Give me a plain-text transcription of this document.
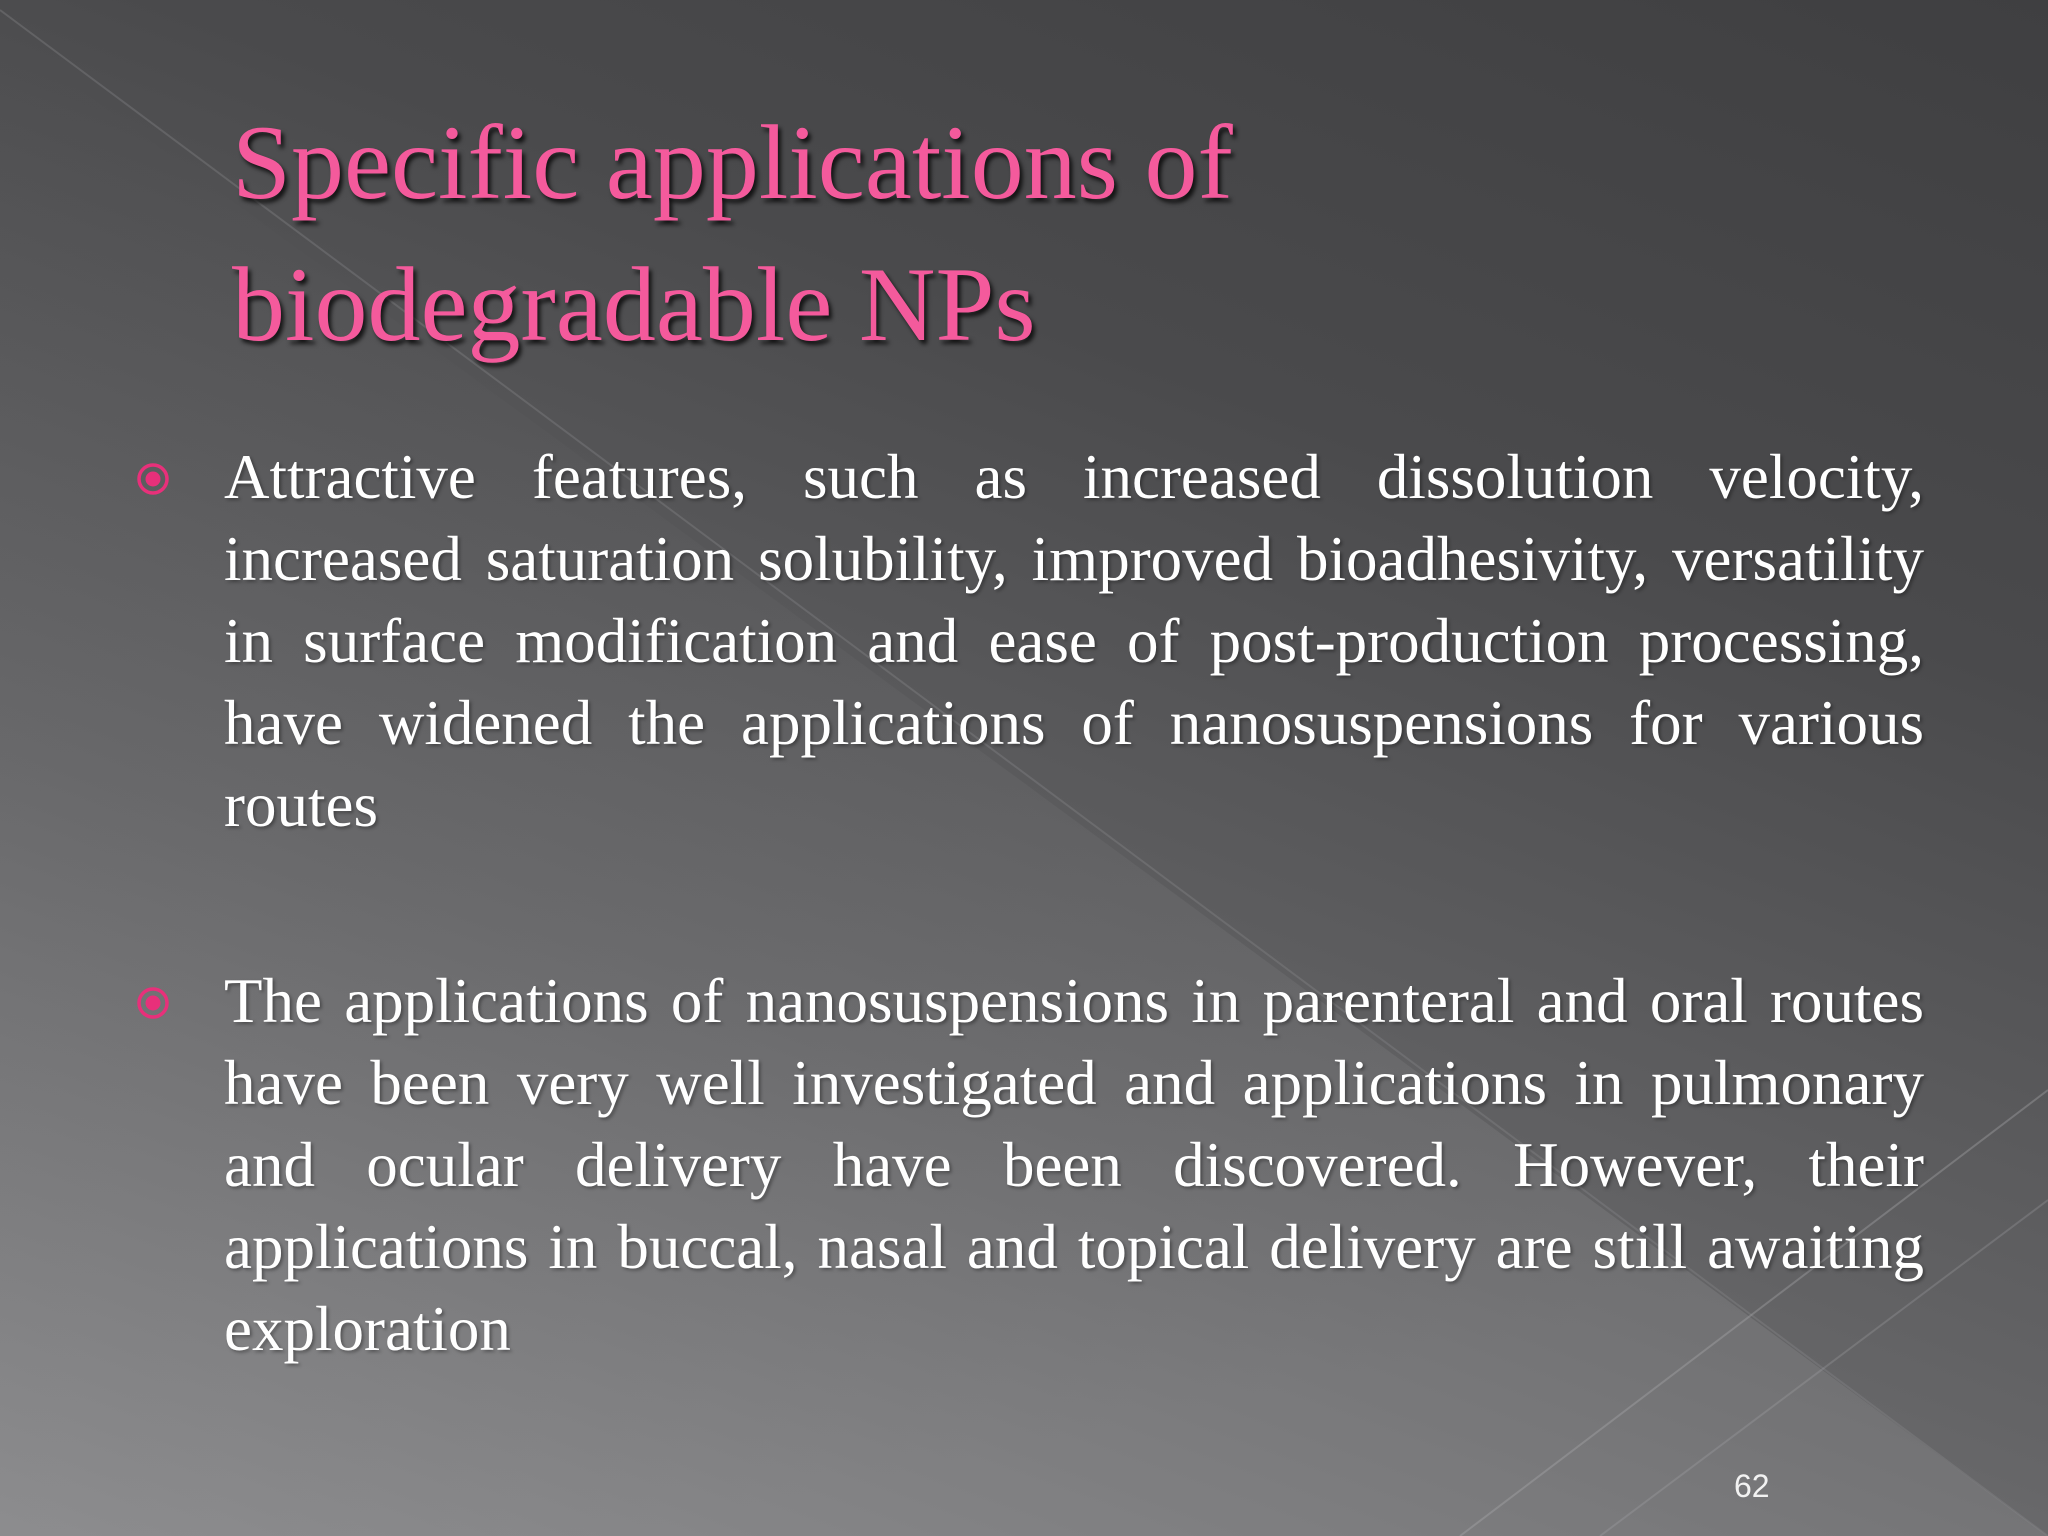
Specific applications of
biodegradable NPs
Attractive features, such as increased dissolution velocity, increased saturation solubility, improved bioadhesivity, versatility in surface modification and ease of post-production processing, have widened the applications of nanosuspensions for various routes
The applications of nanosuspensions in parenteral and oral routes have been very well investigated and applications in pulmonary and ocular delivery have been discovered. However, their applications in buccal, nasal and topical delivery are still awaiting exploration
62
